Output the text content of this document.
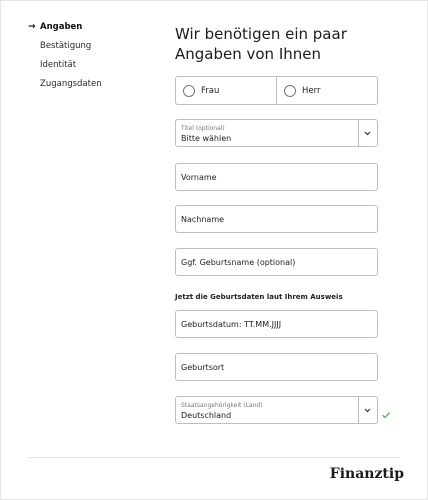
→ Angaben
Bestätigung
Identität
Zugangsdaten
Wir benötigen ein paar Angaben von Ihnen
Frau	Herr
Titel (optional)
Bitte wählen
Vorname
Nachname
Ggf. Geburtsname (optional)
Jetzt die Geburtsdaten laut Ihrem Ausweis
Geburtsdatum: TT.MM.JJJJ
Geburtsort
Staatsangehörigkeit (Land)
Deutschland
Finanztip
